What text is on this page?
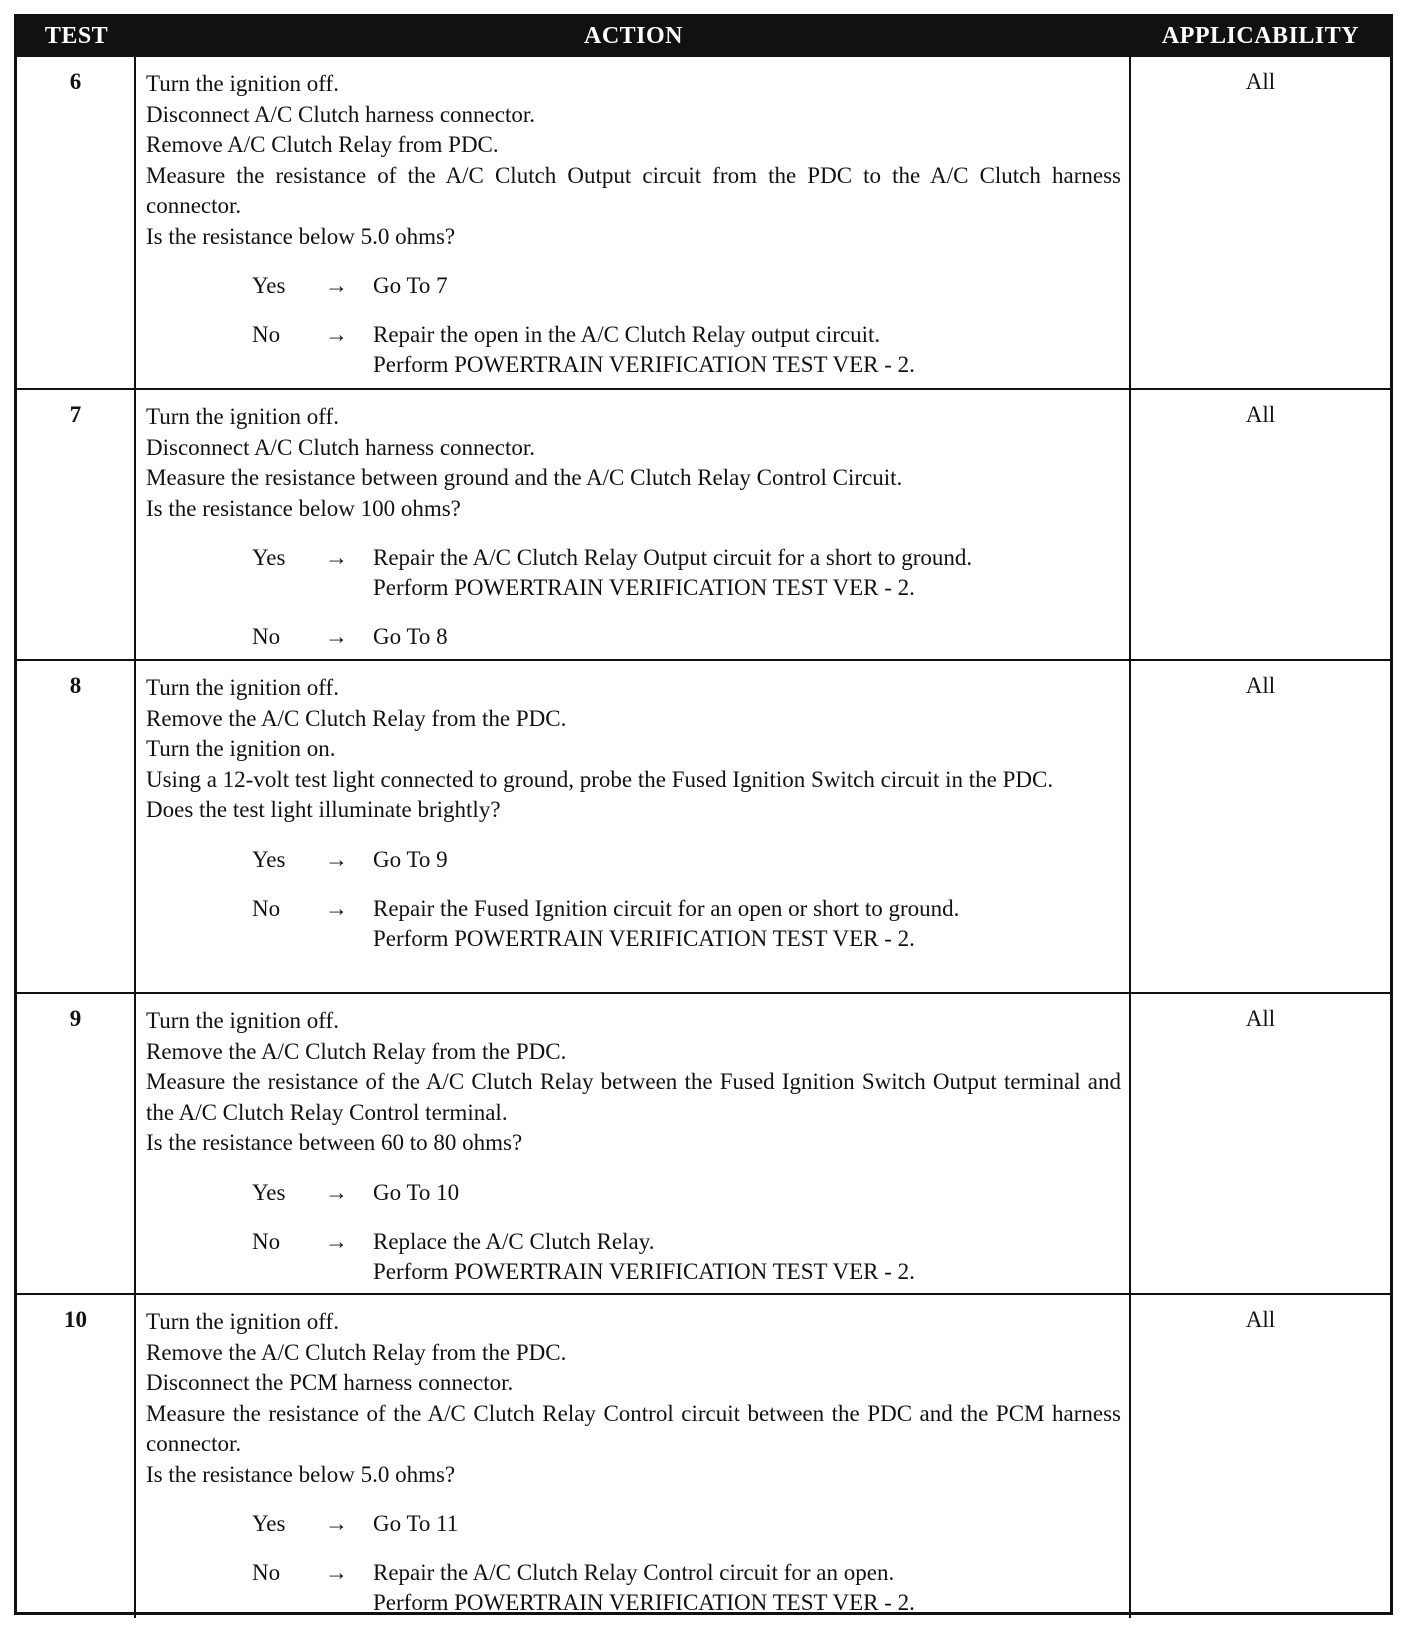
TEST	ACTION	APPLICABILITY
6	Turn the ignition off.
Disconnect A/C Clutch harness connector.
Remove A/C Clutch Relay from PDC.
Measure the resistance of the A/C Clutch Output circuit from the PDC to the A/C Clutch harness connector.
Is the resistance below 5.0 ohms?
Yes	→	Go To 7
No	→	Repair the open in the A/C Clutch Relay output circuit.
Perform POWERTRAIN VERIFICATION TEST VER - 2.
All
7	Turn the ignition off.
Disconnect A/C Clutch harness connector.
Measure the resistance between ground and the A/C Clutch Relay Control Circuit.
Is the resistance below 100 ohms?
Yes	→	Repair the A/C Clutch Relay Output circuit for a short to ground.
Perform POWERTRAIN VERIFICATION TEST VER - 2.
No	→	Go To 8
All
8	Turn the ignition off.
Remove the A/C Clutch Relay from the PDC.
Turn the ignition on.
Using a 12-volt test light connected to ground, probe the Fused Ignition Switch circuit in the PDC.
Does the test light illuminate brightly?
Yes	→	Go To 9
No	→	Repair the Fused Ignition circuit for an open or short to ground.
Perform POWERTRAIN VERIFICATION TEST VER - 2.
All
9	Turn the ignition off.
Remove the A/C Clutch Relay from the PDC.
Measure the resistance of the A/C Clutch Relay between the Fused Ignition Switch Output terminal and the A/C Clutch Relay Control terminal.
Is the resistance between 60 to 80 ohms?
Yes	→	Go To 10
No	→	Replace the A/C Clutch Relay.
Perform POWERTRAIN VERIFICATION TEST VER - 2.
All
10	Turn the ignition off.
Remove the A/C Clutch Relay from the PDC.
Disconnect the PCM harness connector.
Measure the resistance of the A/C Clutch Relay Control circuit between the PDC and the PCM harness connector.
Is the resistance below 5.0 ohms?
Yes	→	Go To 11
No	→	Repair the A/C Clutch Relay Control circuit for an open.
Perform POWERTRAIN VERIFICATION TEST VER - 2.
All
